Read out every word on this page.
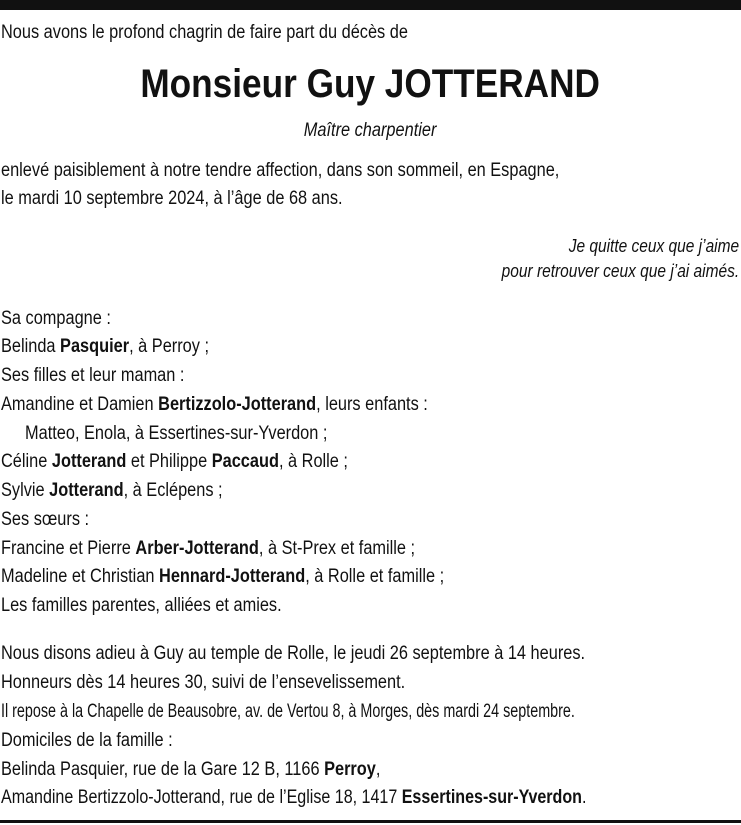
Nous avons le profond chagrin de faire part du décès de
Monsieur Guy JOTTERAND
Maître charpentier
enlevé paisiblement à notre tendre affection, dans son sommeil, en Espagne,
le mardi 10 septembre 2024, à l’âge de 68 ans.
Je quitte ceux que j’aime
pour retrouver ceux que j’ai aimés.
Sa compagne :
Belinda Pasquier, à Perroy ;
Ses filles et leur maman :
Amandine et Damien Bertizzolo-Jotterand, leurs enfants :
Matteo, Enola, à Essertines-sur-Yverdon ;
Céline Jotterand et Philippe Paccaud, à Rolle ;
Sylvie Jotterand, à Eclépens ;
Ses sœurs :
Francine et Pierre Arber-Jotterand, à St-Prex et famille ;
Madeline et Christian Hennard-Jotterand, à Rolle et famille ;
Les familles parentes, alliées et amies.
Nous disons adieu à Guy au temple de Rolle, le jeudi 26 septembre à 14 heures.
Honneurs dès 14 heures 30, suivi de l’ensevelissement.
Il repose à la Chapelle de Beausobre, av. de Vertou 8, à Morges, dès mardi 24 septembre.
Domiciles de la famille :
Belinda Pasquier, rue de la Gare 12 B, 1166 Perroy,
Amandine Bertizzolo-Jotterand, rue de l’Eglise 18, 1417 Essertines-sur-Yverdon.
